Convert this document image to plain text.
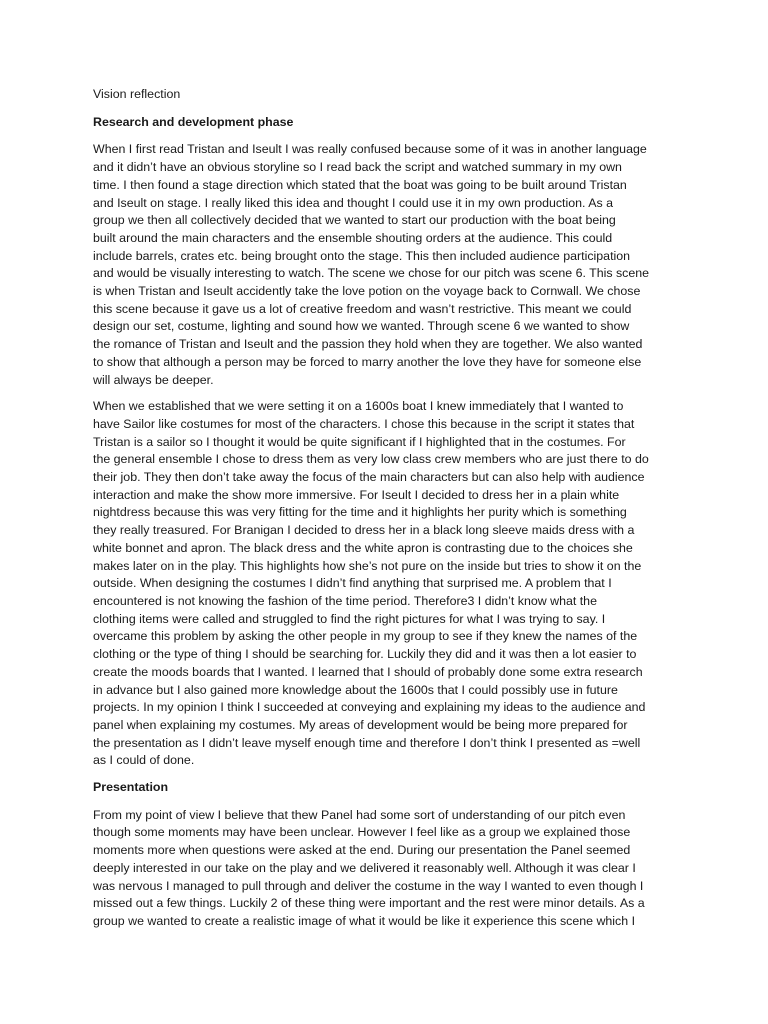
Vision reflection
Research and development phase
When I first read Tristan and Iseult I was really confused because some of it was in another language
and it didn’t have an obvious storyline so I read back the script and watched summary in my own
time. I then found a stage direction which stated that the boat was going to be built around Tristan
and Iseult on stage. I really liked this idea and thought I could use it in my own production. As a
group we then all collectively decided that we wanted to start our production with the boat being
built around the main characters and the ensemble shouting orders at the audience. This could
include barrels, crates etc. being brought onto the stage. This then included audience participation
and would be visually interesting to watch. The scene we chose for our pitch was scene 6. This scene
is when Tristan and Iseult accidently take the love potion on the voyage back to Cornwall. We chose
this scene because it gave us a lot of creative freedom and wasn’t restrictive. This meant we could
design our set, costume, lighting and sound how we wanted. Through scene 6 we wanted to show
the romance of Tristan and Iseult and the passion they hold when they are together. We also wanted
to show that although a person may be forced to marry another the love they have for someone else
will always be deeper.
When we established that we were setting it on a 1600s boat I knew immediately that I wanted to
have Sailor like costumes for most of the characters. I chose this because in the script it states that
Tristan is a sailor so I thought it would be quite significant if I highlighted that in the costumes. For
the general ensemble I chose to dress them as very low class crew members who are just there to do
their job. They then don’t take away the focus of the main characters but can also help with audience
interaction and make the show more immersive. For Iseult I decided to dress her in a plain white
nightdress because this was very fitting for the time and it highlights her purity which is something
they really treasured. For Branigan I decided to dress her in a black long sleeve maids dress with a
white bonnet and apron. The black dress and the white apron is contrasting due to the choices she
makes later on in the play. This highlights how she’s not pure on the inside but tries to show it on the
outside. When designing the costumes I didn’t find anything that surprised me. A problem that I
encountered is not knowing the fashion of the time period. Therefore3 I didn’t know what the
clothing items were called and struggled to find the right pictures for what I was trying to say. I
overcame this problem by asking the other people in my group to see if they knew the names of the
clothing or the type of thing I should be searching for. Luckily they did and it was then a lot easier to
create the moods boards that I wanted. I learned that I should of probably done some extra research
in advance but I also gained more knowledge about the 1600s that I could possibly use in future
projects. In my opinion I think I succeeded at conveying and explaining my ideas to the audience and
panel when explaining my costumes. My areas of development would be being more prepared for
the presentation as I didn’t leave myself enough time and therefore I don’t think I presented as =well
as I could of done.
Presentation
From my point of view I believe that thew Panel had some sort of understanding of our pitch even
though some moments may have been unclear. However I feel like as a group we explained those
moments more when questions were asked at the end. During our presentation the Panel seemed
deeply interested in our take on the play and we delivered it reasonably well. Although it was clear I
was nervous I managed to pull through and deliver the costume in the way I wanted to even though I
missed out a few things. Luckily 2 of these thing were important and the rest were minor details. As a
group we wanted to create a realistic image of what it would be like it experience this scene which I
